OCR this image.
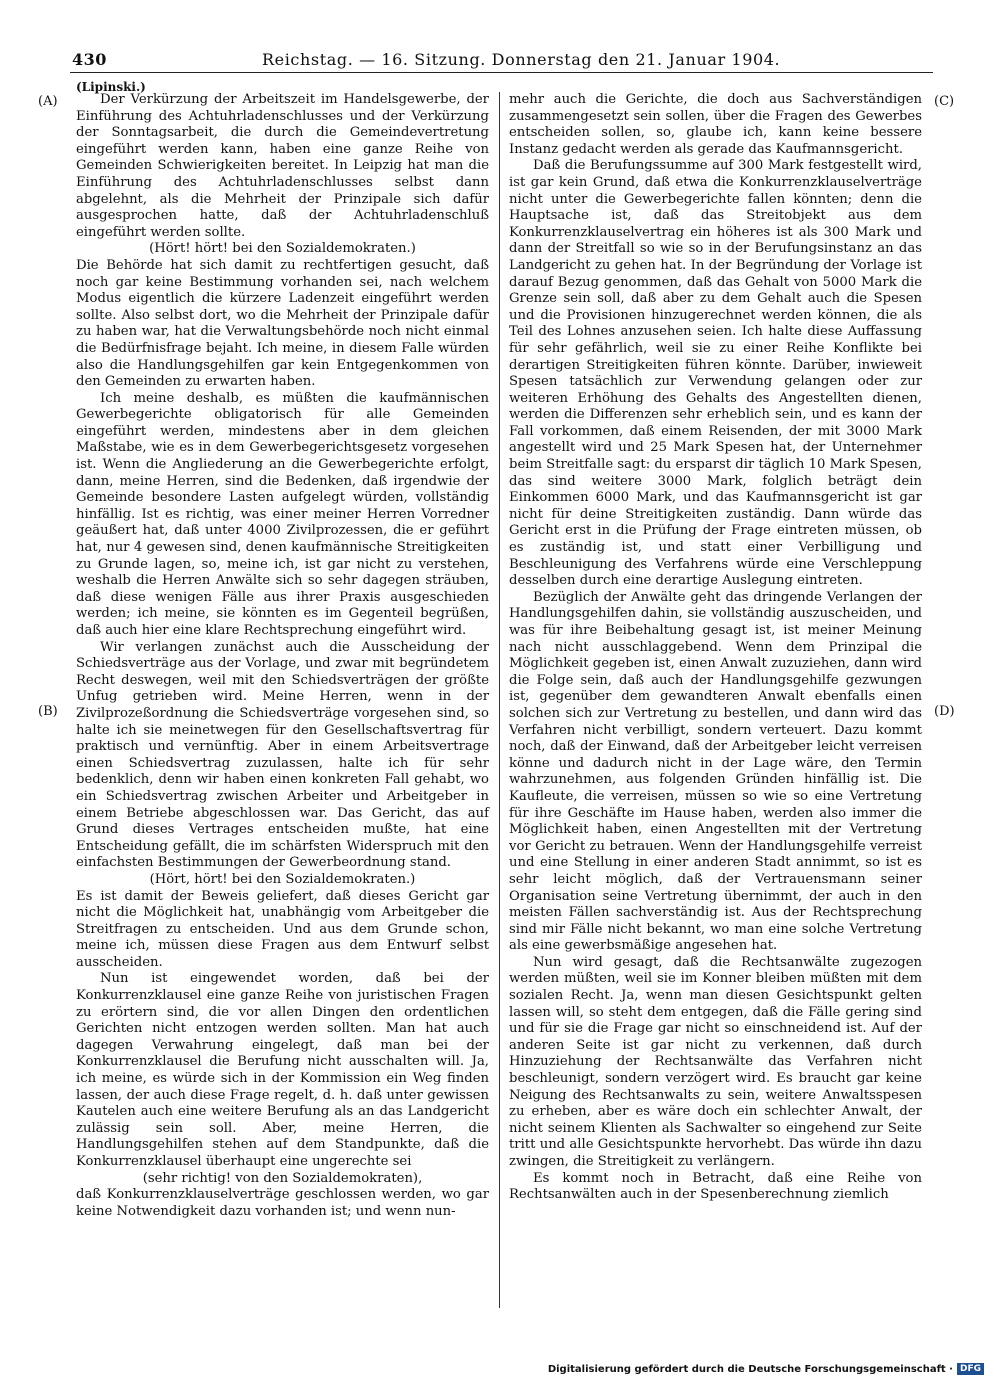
430	Reichstag. — 16. Sitzung. Donnerstag den 21. Januar 1904.
(Lipinski.)
(A)
(B)
(C)
(D)

Der Verkürzung der Arbeitszeit im Handelsgewerbe, der Einführung des Achtuhrladenschlusses und der Verkürzung der Sonntagsarbeit, die durch die Gemeindevertretung eingeführt werden kann, haben eine ganze Reihe von Gemeinden Schwierigkeiten bereitet. In Leipzig hat man die Einführung des Achtuhrladenschlusses selbst dann abgelehnt, als die Mehrheit der Prinzipale sich dafür ausgesprochen hatte, daß der Achtuhrladenschluß eingeführt werden sollte.

(Hört! hört! bei den Sozialdemokraten.)

Die Behörde hat sich damit zu rechtfertigen gesucht, daß noch gar keine Bestimmung vorhanden sei, nach welchem Modus eigentlich die kürzere Ladenzeit eingeführt werden sollte. Also selbst dort, wo die Mehrheit der Prinzipale dafür zu haben war, hat die Verwaltungsbehörde noch nicht einmal die Bedürfnisfrage bejaht. Ich meine, in diesem Falle würden also die Handlungsgehilfen gar kein Entgegenkommen von den Gemeinden zu erwarten haben.

Ich meine deshalb, es müßten die kaufmännischen Gewerbegerichte obligatorisch für alle Gemeinden eingeführt werden, mindestens aber in dem gleichen Maßstabe, wie es in dem Gewerbegerichtsgesetz vorgesehen ist. Wenn die Angliederung an die Gewerbegerichte erfolgt, dann, meine Herren, sind die Bedenken, daß irgendwie der Gemeinde besondere Lasten aufgelegt würden, vollständig hinfällig. Ist es richtig, was einer meiner Herren Vorredner geäußert hat, daß unter 4000 Zivilprozessen, die er geführt hat, nur 4 gewesen sind, denen kaufmännische Streitigkeiten zu Grunde lagen, so, meine ich, ist gar nicht zu verstehen, weshalb die Herren Anwälte sich so sehr dagegen sträuben, daß diese wenigen Fälle aus ihrer Praxis ausgeschieden werden; ich meine, sie könnten es im Gegenteil begrüßen, daß auch hier eine klare Rechtsprechung eingeführt wird.

Wir verlangen zunächst auch die Ausscheidung der Schiedsverträge aus der Vorlage, und zwar mit begründetem Recht deswegen, weil mit den Schiedsverträgen der größte Unfug getrieben wird. Meine Herren, wenn in der Zivilprozeßordnung die Schiedsverträge vorgesehen sind, so halte ich sie meinetwegen für den Gesellschaftsvertrag für praktisch und vernünftig. Aber in einem Arbeitsvertrage einen Schiedsvertrag zuzulassen, halte ich für sehr bedenklich, denn wir haben einen konkreten Fall gehabt, wo ein Schiedsvertrag zwischen Arbeiter und Arbeitgeber in einem Betriebe abgeschlossen war. Das Gericht, das auf Grund dieses Vertrages entscheiden mußte, hat eine Entscheidung gefällt, die im schärfsten Widerspruch mit den einfachsten Bestimmungen der Gewerbeordnung stand.

(Hört, hört! bei den Sozialdemokraten.)

Es ist damit der Beweis geliefert, daß dieses Gericht gar nicht die Möglichkeit hat, unabhängig vom Arbeitgeber die Streitfragen zu entscheiden. Und aus dem Grunde schon, meine ich, müssen diese Fragen aus dem Entwurf selbst ausscheiden.

Nun ist eingewendet worden, daß bei der Konkurrenzklausel eine ganze Reihe von juristischen Fragen zu erörtern sind, die vor allen Dingen den ordentlichen Gerichten nicht entzogen werden sollten. Man hat auch dagegen Verwahrung eingelegt, daß man bei der Konkurrenzklausel die Berufung nicht ausschalten will. Ja, ich meine, es würde sich in der Kommission ein Weg finden lassen, der auch diese Frage regelt, d. h. daß unter gewissen Kautelen auch eine weitere Berufung als an das Landgericht zulässig sein soll. Aber, meine Herren, die Handlungsgehilfen stehen auf dem Standpunkte, daß die Konkurrenzklausel überhaupt eine ungerechte sei

(sehr richtig! von den Sozialdemokraten),

daß Konkurrenzklauselverträge geschlossen werden, wo gar keine Notwendigkeit dazu vorhanden ist; und wenn nun-

mehr auch die Gerichte, die doch aus Sachverständigen zusammengesetzt sein sollen, über die Fragen des Gewerbes entscheiden sollen, so, glaube ich, kann keine bessere Instanz gedacht werden als gerade das Kaufmannsgericht.

Daß die Berufungssumme auf 300 Mark festgestellt wird, ist gar kein Grund, daß etwa die Konkurrenzklauselverträge nicht unter die Gewerbegerichte fallen könnten; denn die Hauptsache ist, daß das Streitobjekt aus dem Konkurrenzklauselvertrag ein höheres ist als 300 Mark und dann der Streitfall so wie so in der Berufungsinstanz an das Landgericht zu gehen hat. In der Begründung der Vorlage ist darauf Bezug genommen, daß das Gehalt von 5000 Mark die Grenze sein soll, daß aber zu dem Gehalt auch die Spesen und die Provisionen hinzugerechnet werden können, die als Teil des Lohnes anzusehen seien. Ich halte diese Auffassung für sehr gefährlich, weil sie zu einer Reihe Konflikte bei derartigen Streitigkeiten führen könnte. Darüber, inwieweit Spesen tatsächlich zur Verwendung gelangen oder zur weiteren Erhöhung des Gehalts des Angestellten dienen, werden die Differenzen sehr erheblich sein, und es kann der Fall vorkommen, daß einem Reisenden, der mit 3000 Mark angestellt wird und 25 Mark Spesen hat, der Unternehmer beim Streitfalle sagt: du ersparst dir täglich 10 Mark Spesen, das sind weitere 3000 Mark, folglich beträgt dein Einkommen 6000 Mark, und das Kaufmannsgericht ist gar nicht für deine Streitigkeiten zuständig. Dann würde das Gericht erst in die Prüfung der Frage eintreten müssen, ob es zuständig ist, und statt einer Verbilligung und Beschleunigung des Verfahrens würde eine Verschleppung desselben durch eine derartige Auslegung eintreten.

Bezüglich der Anwälte geht das dringende Verlangen der Handlungsgehilfen dahin, sie vollständig auszuscheiden, und was für ihre Beibehaltung gesagt ist, ist meiner Meinung nach nicht ausschlaggebend. Wenn dem Prinzipal die Möglichkeit gegeben ist, einen Anwalt zuzuziehen, dann wird die Folge sein, daß auch der Handlungsgehilfe gezwungen ist, gegenüber dem gewandteren Anwalt ebenfalls einen solchen sich zur Vertretung zu bestellen, und dann wird das Verfahren nicht verbilligt, sondern verteuert. Dazu kommt noch, daß der Einwand, daß der Arbeitgeber leicht verreisen könne und dadurch nicht in der Lage wäre, den Termin wahrzunehmen, aus folgenden Gründen hinfällig ist. Die Kaufleute, die verreisen, müssen so wie so eine Vertretung für ihre Geschäfte im Hause haben, werden also immer die Möglichkeit haben, einen Angestellten mit der Vertretung vor Gericht zu betrauen. Wenn der Handlungsgehilfe verreist und eine Stellung in einer anderen Stadt annimmt, so ist es sehr leicht möglich, daß der Vertrauensmann seiner Organisation seine Vertretung übernimmt, der auch in den meisten Fällen sachverständig ist. Aus der Rechtsprechung sind mir Fälle nicht bekannt, wo man eine solche Vertretung als eine gewerbsmäßige angesehen hat.

Nun wird gesagt, daß die Rechtsanwälte zugezogen werden müßten, weil sie im Konner bleiben müßten mit dem sozialen Recht. Ja, wenn man diesen Gesichtspunkt gelten lassen will, so steht dem entgegen, daß die Fälle gering sind und für sie die Frage gar nicht so einschneidend ist. Auf der anderen Seite ist gar nicht zu verkennen, daß durch Hinzuziehung der Rechtsanwälte das Verfahren nicht beschleunigt, sondern verzögert wird. Es braucht gar keine Neigung des Rechtsanwalts zu sein, weitere Anwaltsspesen zu erheben, aber es wäre doch ein schlechter Anwalt, der nicht seinem Klienten als Sachwalter so eingehend zur Seite tritt und alle Gesichtspunkte hervorhebt. Das würde ihn dazu zwingen, die Streitigkeit zu verlängern.

Es kommt noch in Betracht, daß eine Reihe von Rechtsanwälten auch in der Spesenberechnung ziemlich

Digitalisierung gefördert durch die Deutsche Forschungsgemeinschaft · DFG
